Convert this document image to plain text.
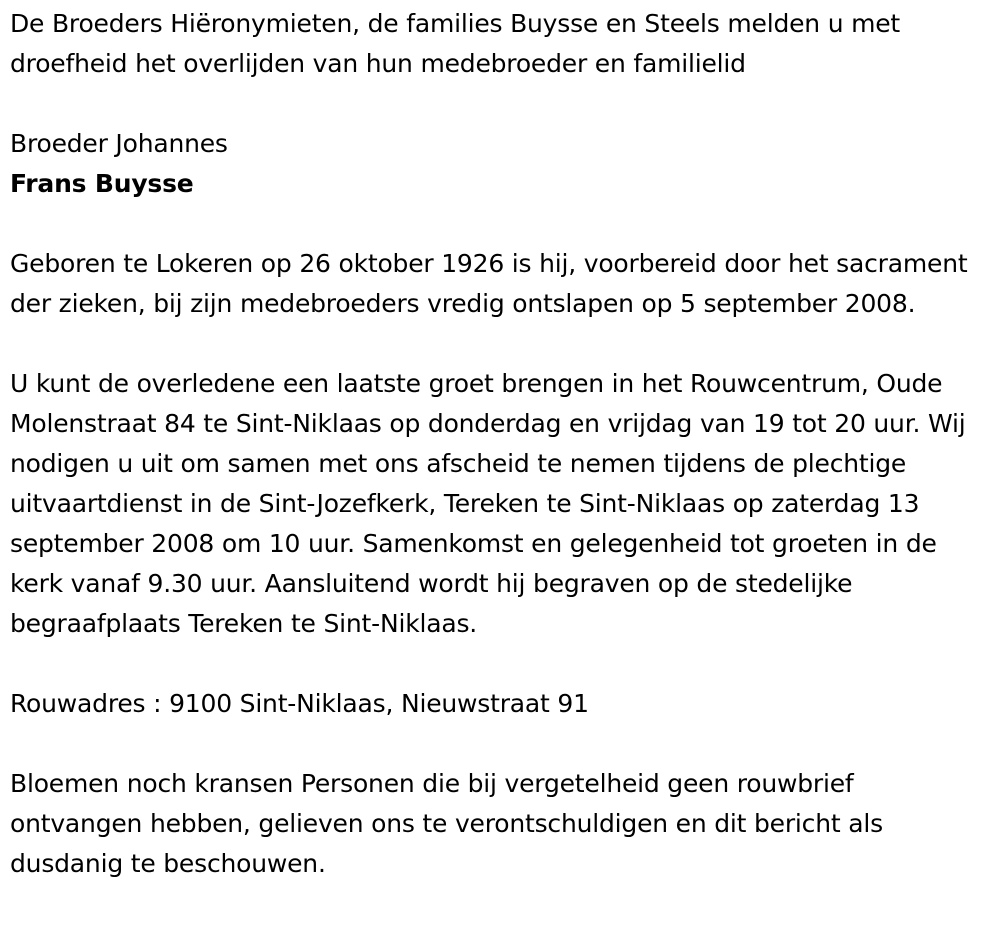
De Broeders Hiëronymieten, de families Buysse en Steels melden u met droefheid het overlijden van hun medebroeder en familielid

Broeder Johannes

Frans Buysse

Geboren te Lokeren op 26 oktober 1926 is hij, voorbereid door het sacrament der zieken, bij zijn medebroeders vredig ontslapen op 5 september 2008.

U kunt de overledene een laatste groet brengen in het Rouwcentrum, Oude Molenstraat 84 te Sint-Niklaas op donderdag en vrijdag van 19 tot 20 uur. Wij nodigen u uit om samen met ons afscheid te nemen tijdens de plechtige uitvaartdienst in de Sint-Jozefkerk, Tereken te Sint-Niklaas op zaterdag 13 september 2008 om 10 uur. Samenkomst en gelegenheid tot groeten in de kerk vanaf 9.30 uur. Aansluitend wordt hij begraven op de stedelijke begraafplaats Tereken te Sint-Niklaas.

Rouwadres : 9100 Sint-Niklaas, Nieuwstraat 91

Bloemen noch kransen Personen die bij vergetelheid geen rouwbrief ontvangen hebben, gelieven ons te verontschuldigen en dit bericht als dusdanig te beschouwen.
